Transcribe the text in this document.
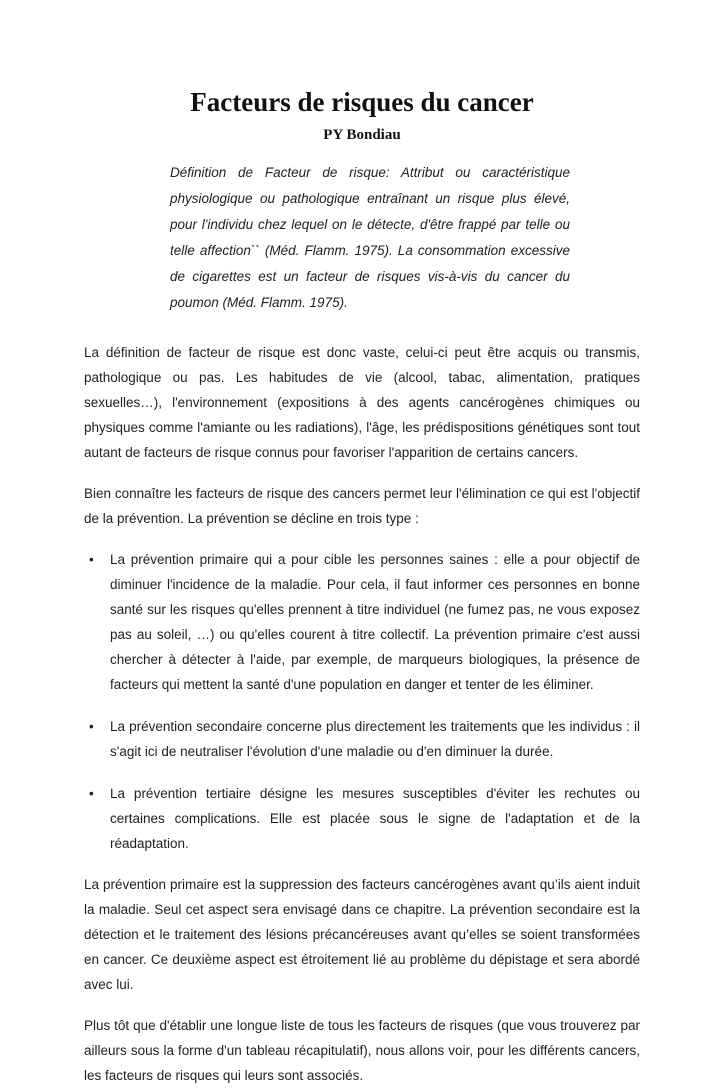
Facteurs de risques du cancer
PY Bondiau

Définition de Facteur de risque: Attribut ou caractéristique physiologique ou pathologique entraînant un risque plus élevé, pour l'individu chez lequel on le détecte, d'être frappé par telle ou telle affection`` (Méd. Flamm. 1975). La consommation excessive de cigarettes est un facteur de risques vis-à-vis du cancer du poumon (Méd. Flamm. 1975).

La définition de facteur de risque est donc vaste, celui-ci peut être acquis ou transmis, pathologique ou pas. Les habitudes de vie (alcool, tabac, alimentation, pratiques sexuelles…), l'environnement (expositions à des agents cancérogènes chimiques ou physiques comme l'amiante ou les radiations), l'âge, les prédispositions génétiques sont tout autant de facteurs de risque connus pour favoriser l'apparition de certains cancers.

Bien connaître les facteurs de risque des cancers permet leur l'élimination ce qui est l'objectif de la prévention. La prévention se décline en trois type :

•	La prévention primaire qui a pour cible les personnes saines : elle a pour objectif de diminuer l'incidence de la maladie. Pour cela, il faut informer ces personnes en bonne santé sur les risques qu'elles prennent à titre individuel (ne fumez pas, ne vous exposez pas au soleil, …) ou qu'elles courent à titre collectif. La prévention primaire c'est aussi chercher à détecter à l'aide, par exemple, de marqueurs biologiques, la présence de facteurs qui mettent la santé d'une population en danger et tenter de les éliminer.
•	La prévention secondaire concerne plus directement les traitements que les individus : il s'agit ici de neutraliser l'évolution d'une maladie ou d'en diminuer la durée.
•	La prévention tertiaire désigne les mesures susceptibles d'éviter les rechutes ou certaines complications. Elle est placée sous le signe de l'adaptation et de la réadaptation.

La prévention primaire est la suppression des facteurs cancérogènes avant qu’ils aient induit la maladie. Seul cet aspect sera envisagé dans ce chapitre. La prévention secondaire est la détection et le traitement des lésions précancéreuses avant qu’elles se soient transformées en cancer. Ce deuxième aspect est étroitement lié au problème du dépistage et sera abordé avec lui.

Plus tôt que d'établir une longue liste de tous les facteurs de risques (que vous trouverez par ailleurs sous la forme d'un tableau récapitulatif), nous allons voir, pour les différents cancers, les facteurs de risques qui leurs sont associés.
